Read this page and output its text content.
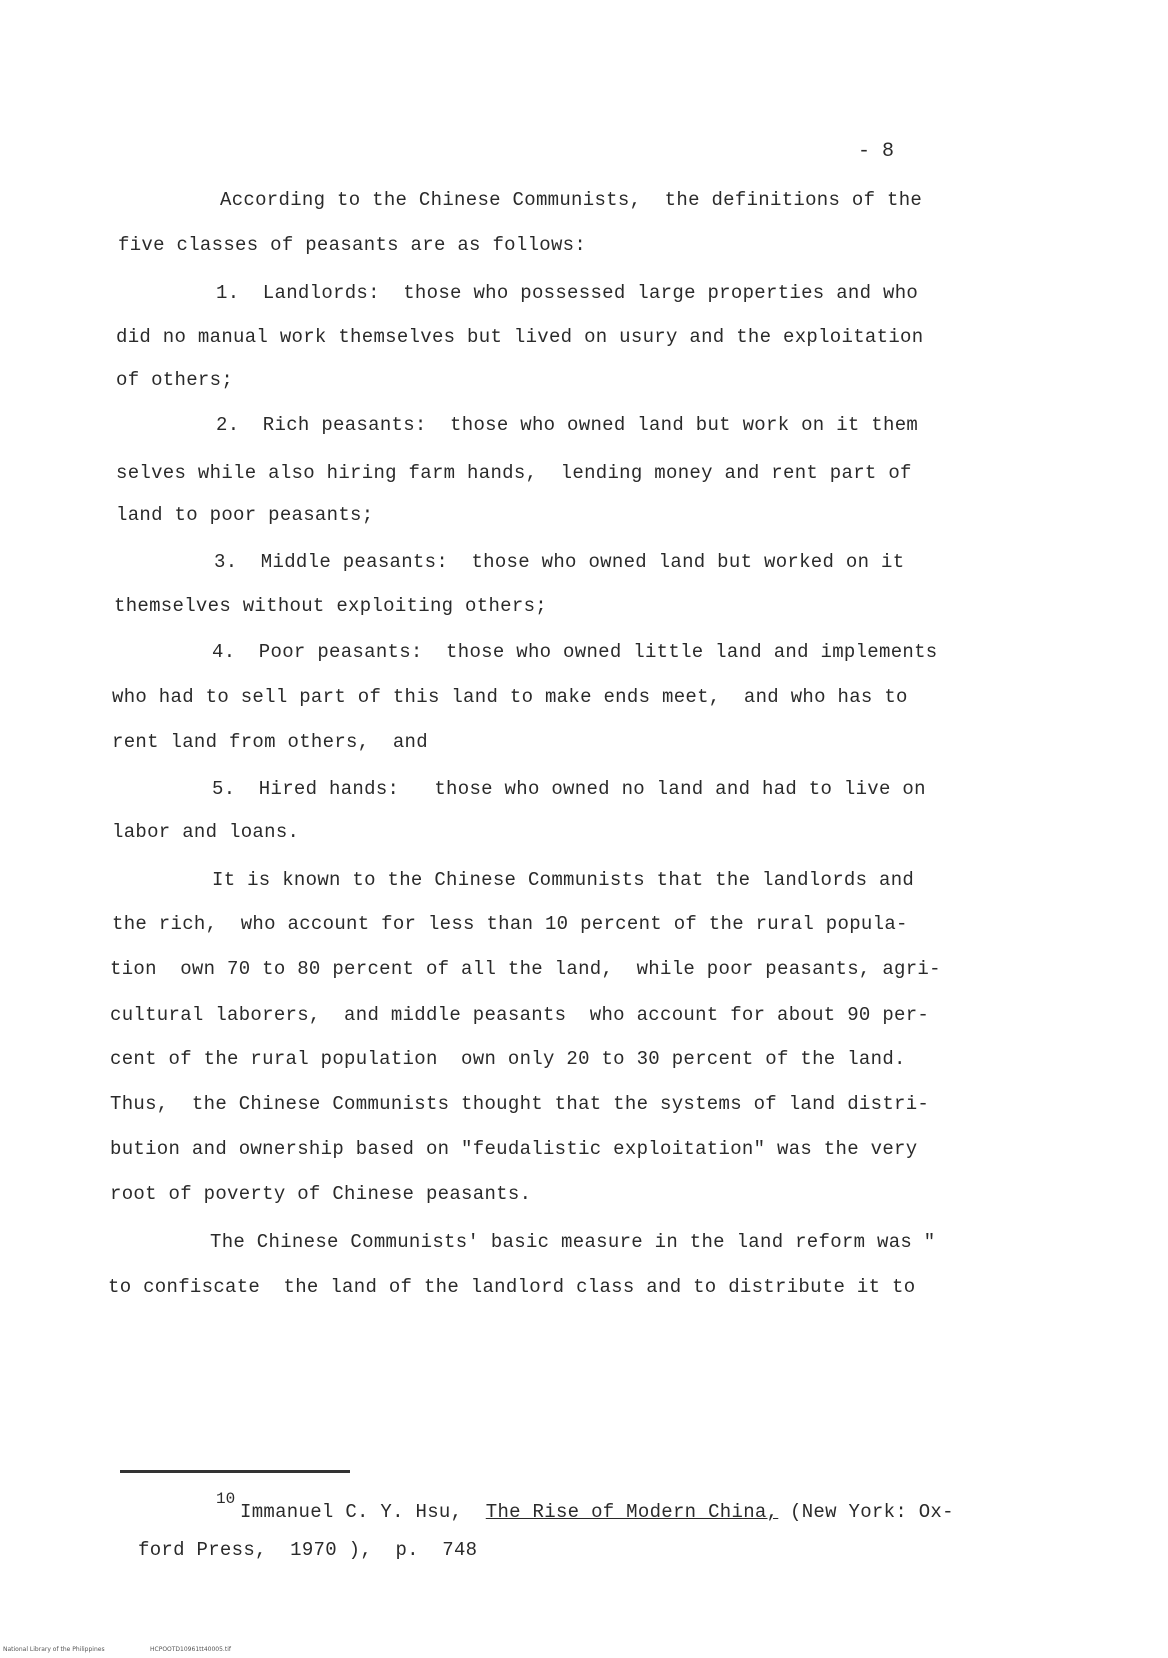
- 8
According to the Chinese Communists,  the definitions of the
five classes of peasants are as follows:
1.  Landlords:  those who possessed large properties and who
did no manual work themselves but lived on usury and the exploitation
of others;
2.  Rich peasants:  those who owned land but work on it them
selves while also hiring farm hands,  lending money and rent part of
land to poor peasants;
3.  Middle peasants:  those who owned land but worked on it
themselves without exploiting others;
4.  Poor peasants:  those who owned little land and implements
who had to sell part of this land to make ends meet,  and who has to
rent land from others,  and
5.  Hired hands:   those who owned no land and had to live on
labor and loans.
It is known to the Chinese Communists that the landlords and
the rich,  who account for less than 10 percent of the rural popula-
tion  own 70 to 80 percent of all the land,  while poor peasants, agri-
cultural laborers,  and middle peasants  who account for about 90 per-
cent of the rural population  own only 20 to 30 percent of the land.
Thus,  the Chinese Communists thought that the systems of land distri-
bution and ownership based on "feudalistic exploitation" was the very
root of poverty of Chinese peasants.
The Chinese Communists' basic measure in the land reform was "
to confiscate  the land of the landlord class and to distribute it to
10
Immanuel C. Y. Hsu, The Rise of Modern China, (New York: Ox-
ford Press,  1970 ),  p.  748
National Library of the Philippines	HCPOOTD10961tt40005.tif
